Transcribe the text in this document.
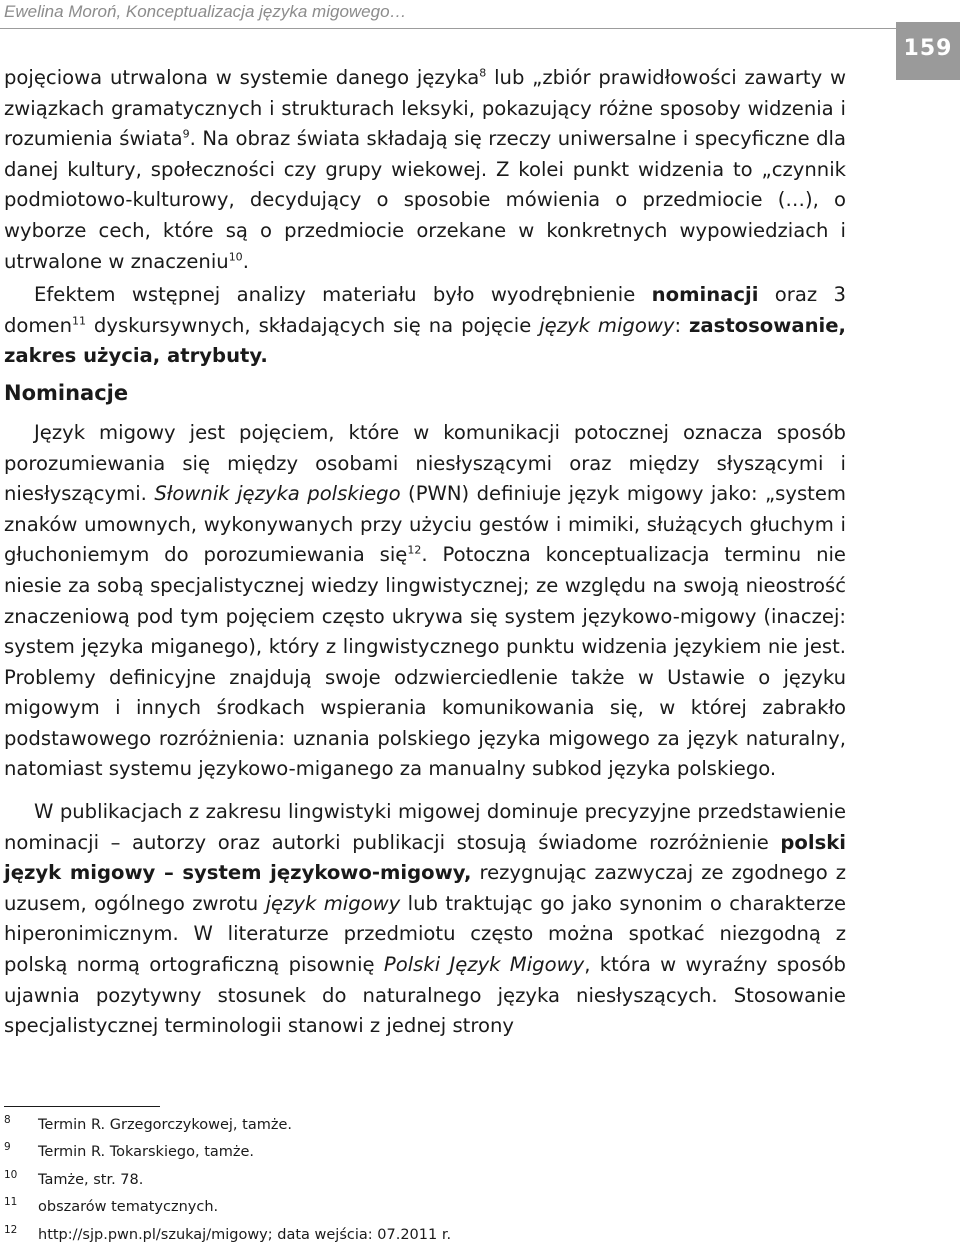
Ewelina Moroń, Konceptualizacja języka migowego…
159

pojęciowa utrwalona w systemie danego języka$^8$ lub „zbiór prawidłowości zawarty w związkach gramatycznych i strukturach leksyki, pokazujący różne sposoby widzenia i rozumienia świata$^9$. Na obraz świata składają się rzeczy uniwersalne i specyficzne dla danej kultury, społeczności czy grupy wiekowej. Z kolei punkt widzenia to „czynnik podmiotowo-kulturowy, decydujący o sposobie mówienia o przedmiocie (…), o wyborze cech, które są o przedmiocie orzekane w konkretnych wypowiedziach i utrwalone w znaczeniu$^{10}$.

Efektem wstępnej analizy materiału było wyodrębnienie nominacji oraz 3 domen$^{11}$ dyskursywnych, składających się na pojęcie język migowy: zastosowanie, zakres użycia, atrybuty.

Nominacje

Język migowy jest pojęciem, które w komunikacji potocznej oznacza sposób porozumiewania się między osobami niesłyszącymi oraz między słyszącymi i niesłyszącymi. Słownik języka polskiego (PWN) definiuje język migowy jako: „system znaków umownych, wykonywanych przy użyciu gestów i mimiki, służących głuchym i głuchoniemym do porozumiewania się$^{12}$. Potoczna konceptualizacja terminu nie niesie za sobą specjalistycznej wiedzy lingwistycznej; ze względu na swoją nieostrość znaczeniową pod tym pojęciem często ukrywa się system językowo-migowy (inaczej: system języka miganego), który z lingwistycznego punktu widzenia językiem nie jest. Problemy definicyjne znajdują swoje odzwierciedlenie także w Ustawie o języku migowym i innych środkach wspierania komunikowania się, w której zabrakło podstawowego rozróżnienia: uznania polskiego języka migowego za język naturalny, natomiast systemu językowo-miganego za manualny subkod języka polskiego.

W publikacjach z zakresu lingwistyki migowej dominuje precyzyjne przedstawienie nominacji – autorzy oraz autorki publikacji stosują świadome rozróżnienie polski język migowy – system językowo-migowy, rezygnując zazwyczaj ze zgodnego z uzusem, ogólnego zwrotu język migowy lub traktując go jako synonim o charakterze hiperonimicznym. W literaturze przedmiotu często można spotkać niezgodną z polską normą ortograficzną pisownię Polski Język Migowy, która w wyraźny sposób ujawnia pozytywny stosunek do naturalnego języka niesłyszących. Stosowanie specjalistycznej terminologii stanowi z jednej strony

8 Termin R. Grzegorczykowej, tamże.
9 Termin R. Tokarskiego, tamże.
10 Tamże, str. 78.
11 obszarów tematycznych.
12 http://sjp.pwn.pl/szukaj/migowy; data wejścia: 07.2011 r.
